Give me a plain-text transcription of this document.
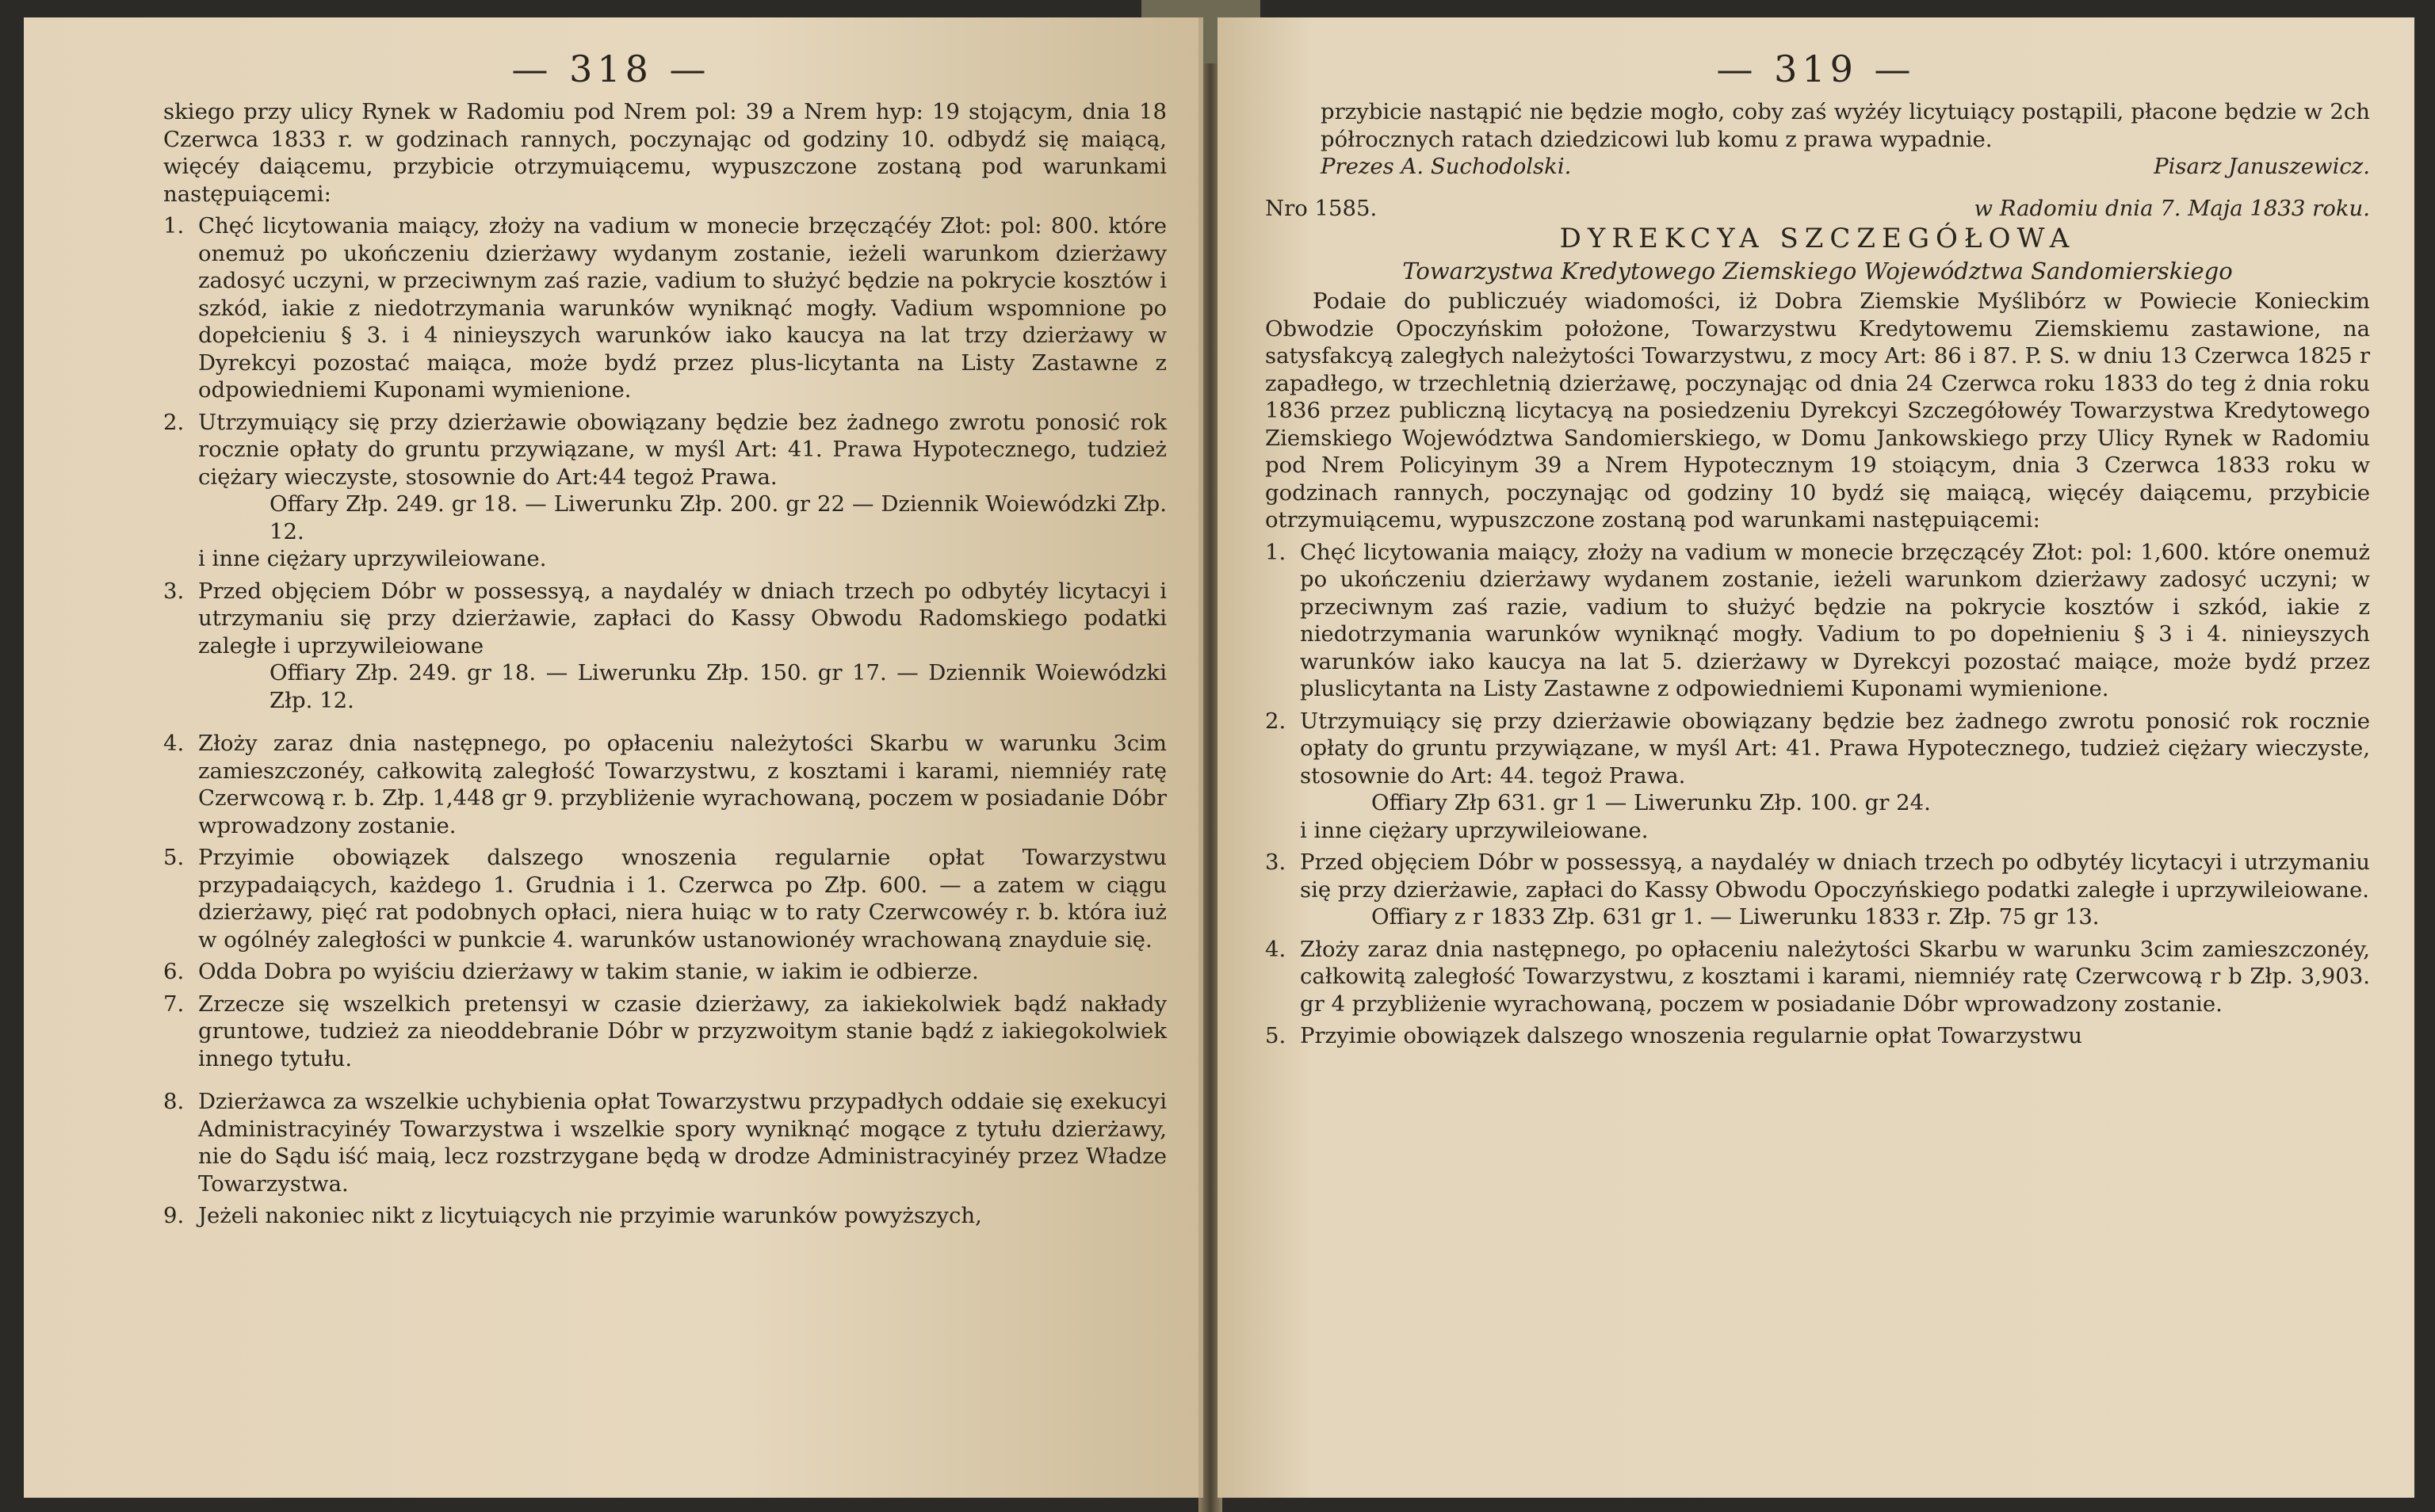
— 318 —
skiego przy ulicy Rynek w Radomiu pod Nrem pol: 39 a Nrem hyp: 19 stojącym, dnia 18 Czerwca 1833 r. w godzinach rannych, poczynając od godziny 10. odbydź się maiącą, więcéy daiącemu, przybicie otrzymuiącemu, wypuszczone zostaną pod warunkami następuiącemi:
1. Chęć licytowania maiący, złoży na vadium w monecie brzęcząćéy Złot: pol: 800. które onemuż po ukończeniu dzierżawy wydanym zostanie, ieżeli warunkom dzierżawy zadosyć uczyni, w przeciwnym zaś razie, vadium to służyć będzie na pokrycie kosztów i szkód, iakie z niedotrzymania warunków wyniknąć mogły. Vadium wspomnione po dopełcieniu § 3. i 4 ninieyszych warunków iako kaucya na lat trzy dzierżawy w Dyrekcyi pozostać maiąca, może bydź przez plus-licytanta na Listy Zastawne z odpowiedniemi Kuponami wymienione.
2. Utrzymuiący się przy dzierżawie obowiązany będzie bez żadnego zwrotu ponosić rok rocznie opłaty do gruntu przywiązane, w myśl Art: 41. Prawa Hypotecznego, tudzież ciężary wieczyste, stosownie do Art:44 tegoż Prawa.
Offary Złp. 249. gr 18. — Liwerunku Złp. 200. gr 22 — Dziennik Woiewódzki Złp. 12.
i inne ciężary uprzywileiowane.
3. Przed objęciem Dóbr w possessyą, a naydaléy w dniach trzech po odbytéy licytacyi i utrzymaniu się przy dzierżawie, zapłaci do Kassy Obwodu Radomskiego podatki zaległe i uprzywileiowane
Offiary Złp. 249. gr 18. — Liwerunku Złp. 150. gr 17. — Dziennik Woiewódzki Złp. 12.
4. Złoży zaraz dnia następnego, po opłaceniu należytości Skarbu w warunku 3cim zamieszczonéy, całkowitą zaległość Towarzystwu, z kosztami i karami, niemniéy ratę Czerwcową r. b. Złp. 1,448 gr 9. przybliżenie wyrachowaną, poczem w posiadanie Dóbr wprowadzony zostanie.
5. Przyimie obowiązek dalszego wnoszenia regularnie opłat Towarzystwu przypadaiących, każdego 1. Grudnia i 1. Czerwca po Złp. 600. — a zatem w ciągu dzierżawy, pięć rat podobnych opłaci, niera huiąc w to raty Czerwcowéy r. b. która iuż w ogólnéy zaległości w punkcie 4. warunków ustanowionéy wrachowaną znayduie się.
6. Odda Dobra po wyiściu dzierżawy w takim stanie, w iakim ie odbierze.
7. Zrzecze się wszelkich pretensyi w czasie dzierżawy, za iakiekolwiek bądź nakłady gruntowe, tudzież za nieoddebranie Dóbr w przyzwoitym stanie bądź z iakiegokolwiek innego tytułu.
8. Dzierżawca za wszelkie uchybienia opłat Towarzystwu przypadłych oddaie się exekucyi Administracyinéy Towarzystwa i wszelkie spory wyniknąć mogące z tytułu dzierżawy, nie do Sądu iść maią, lecz rozstrzygane będą w drodze Administracyinéy przez Władze Towarzystwa.
9. Jeżeli nakoniec nikt z licytuiących nie przyimie warunków powyższych,
— 319 —
przybicie nastąpić nie będzie mogło, coby zaś wyżéy licytuiący postąpili, płacone będzie w 2ch półrocznych ratach dziedzicowi lub komu z prawa wypadnie.
Prezes A. Suchodolski.	Pisarz Januszewicz.
Nro 1585.	w Radomiu dnia 7. Maja 1833 roku.
DYREKCYA SZCZEGÓŁOWA
Towarzystwa Kredytowego Ziemskiego Województwa Sandomierskiego
Podaie do publiczuéy wiadomości, iż Dobra Ziemskie Myślibórz w Powiecie Konieckim Obwodzie Opoczyńskim położone, Towarzystwu Kredytowemu Ziemskiemu zastawione, na satysfakcyą zaległych należytości Towarzystwu, z mocy Art: 86 i 87. P. S. w dniu 13 Czerwca 1825 r zapadłego, w trzechletnią dzierżawę, poczynając od dnia 24 Czerwca roku 1833 do teg ż dnia roku 1836 przez publiczną licytacyą na posiedzeniu Dyrekcyi Szczegółowéy Towarzystwa Kredytowego Ziemskiego Województwa Sandomierskiego, w Domu Jankowskiego przy Ulicy Rynek w Radomiu pod Nrem Policyinym 39 a Nrem Hypotecznym 19 stoiącym, dnia 3 Czerwca 1833 roku w godzinach rannych, poczynając od godziny 10 bydź się maiącą, więcéy daiącemu, przybicie otrzymuiącemu, wypuszczone zostaną pod warunkami następuiącemi:
1. Chęć licytowania maiący, złoży na vadium w monecie brzęczącéy Złot: pol: 1,600. które onemuż po ukończeniu dzierżawy wydanem zostanie, ieżeli warunkom dzierżawy zadosyć uczyni; w przeciwnym zaś razie, vadium to służyć będzie na pokrycie kosztów i szkód, iakie z niedotrzymania warunków wyniknąć mogły. Vadium to po dopełnieniu § 3 i 4. ninieyszych warunków iako kaucya na lat 5. dzierżawy w Dyrekcyi pozostać maiące, może bydź przez pluslicytanta na Listy Zastawne z odpowiedniemi Kuponami wymienione.
2. Utrzymuiący się przy dzierżawie obowiązany będzie bez żadnego zwrotu ponosić rok rocznie opłaty do gruntu przywiązane, w myśl Art: 41. Prawa Hypotecznego, tudzież ciężary wieczyste, stosownie do Art: 44. tegoż Prawa.
Offiary Złp 631. gr 1 — Liwerunku Złp. 100. gr 24.
i inne ciężary uprzywileiowane.
3. Przed objęciem Dóbr w possessyą, a naydaléy w dniach trzech po odbytéy licytacyi i utrzymaniu się przy dzierżawie, zapłaci do Kassy Obwodu Opoczyńskiego podatki zaległe i uprzywileiowane.
Offiary z r 1833 Złp. 631 gr 1. — Liwerunku 1833 r. Złp. 75 gr 13.
4. Złoży zaraz dnia następnego, po opłaceniu należytości Skarbu w warunku 3cim zamieszczonéy, całkowitą zaległość Towarzystwu, z kosztami i karami, niemniéy ratę Czerwcową r b Złp. 3,903. gr 4 przybliżenie wyrachowaną, poczem w posiadanie Dóbr wprowadzony zostanie.
5. Przyimie obowiązek dalszego wnoszenia regularnie opłat Towarzystwu
